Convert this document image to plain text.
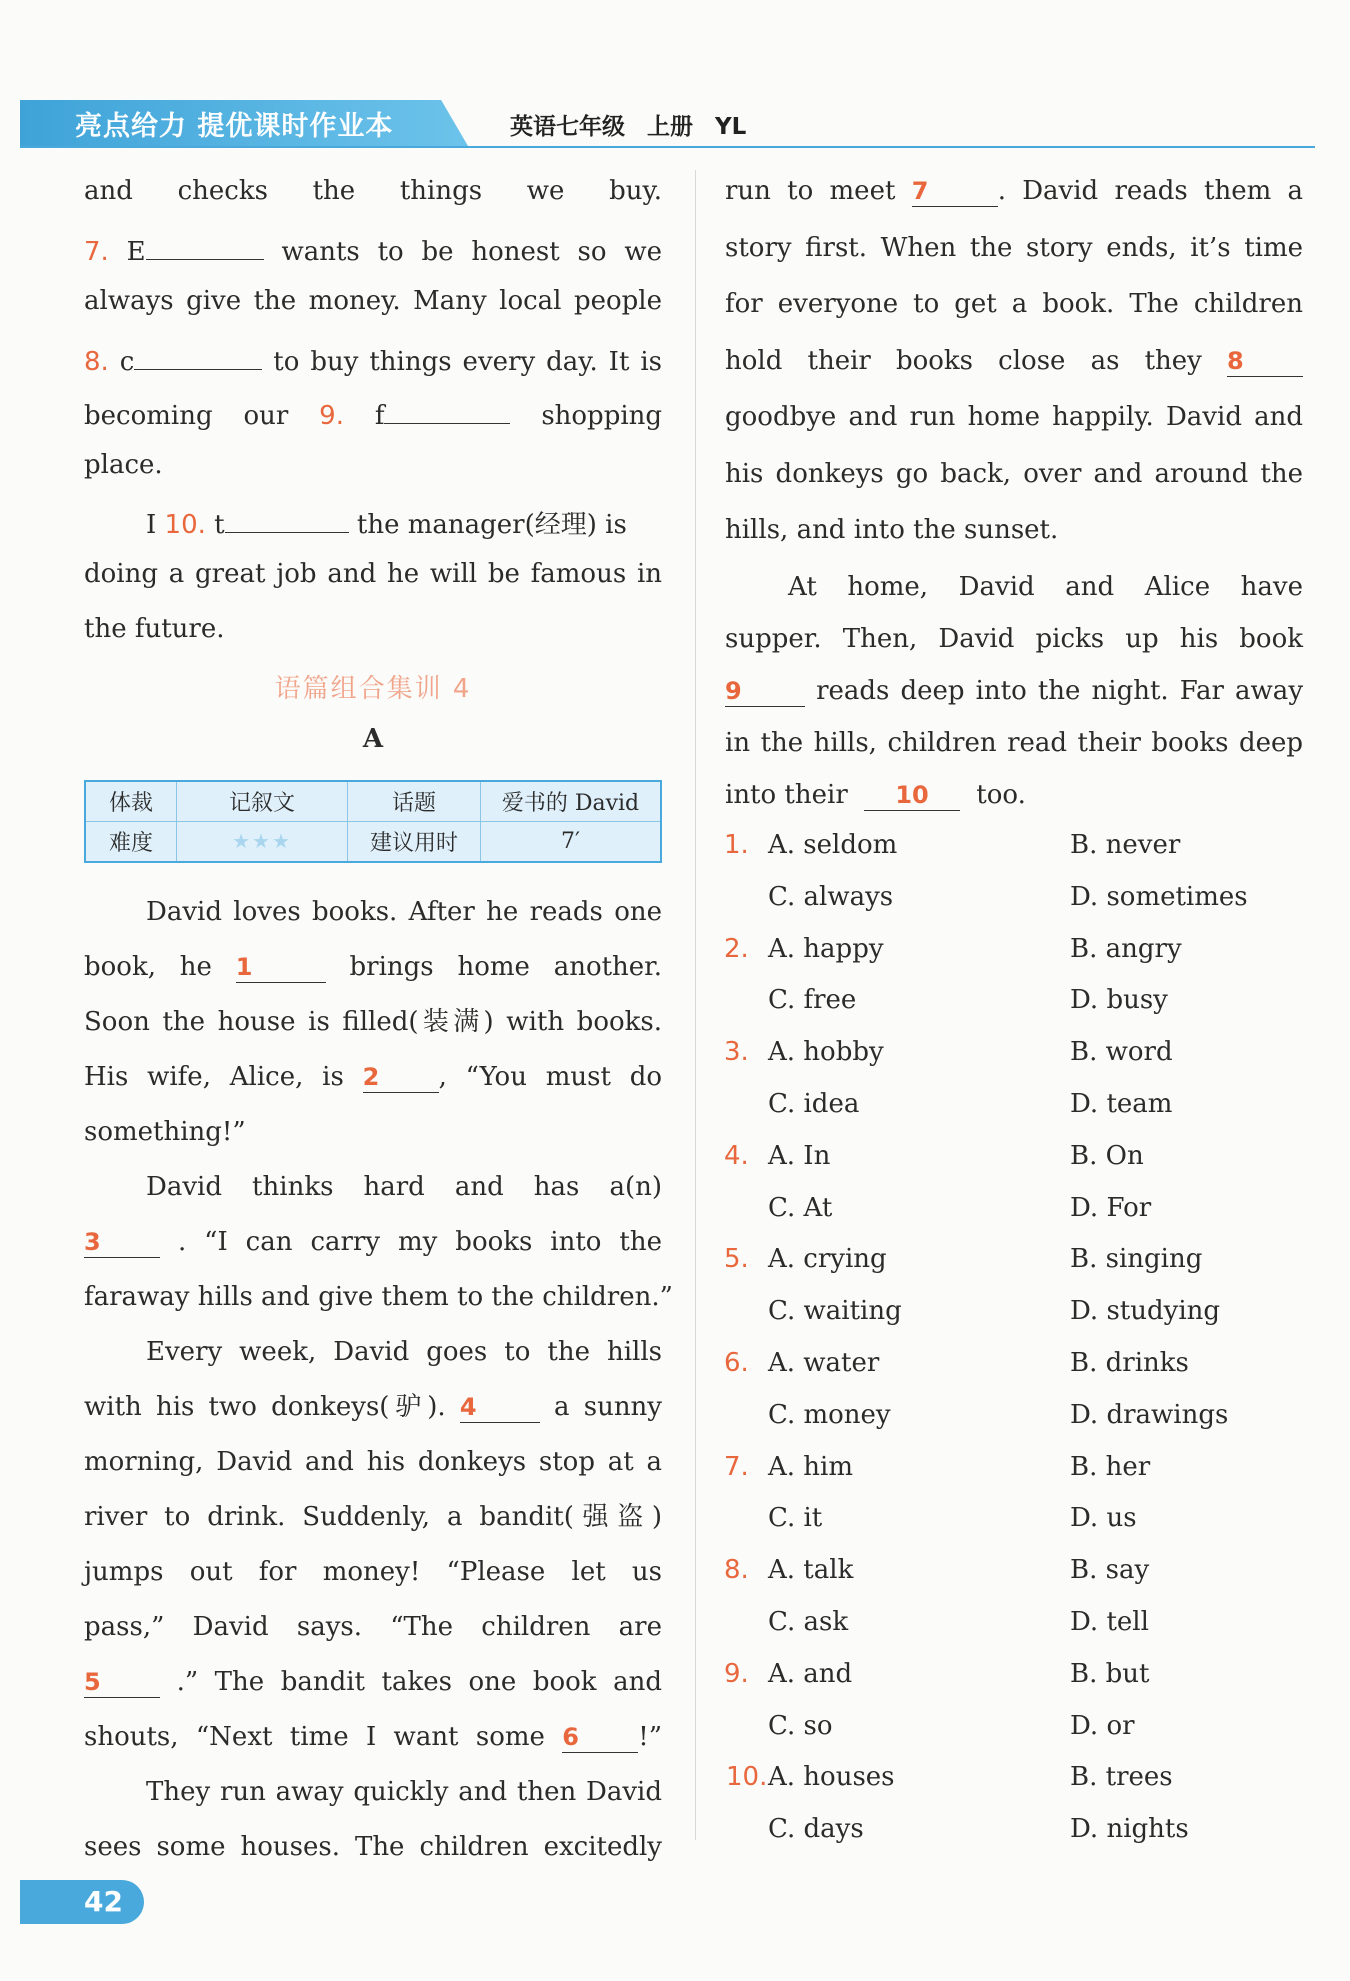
亮点给力 提优课时作业本	英语七年级 上册 YL
and checks the things we buy.
7. E	wants to be honest so we
always give the money. Many local people
8. c	to buy things every day. It is
becoming our 9. f	shopping
place.
I 10. t	the manager(经理) is
doing a great job and he will be famous in
the future.
语篇组合集训 4
A
体裁	记叙文	话题	爱书的 David
难度	★★★	建议用时	7′
David loves books. After he reads one
book, he 1	brings home another.
Soon the house is filled(装满) with books.
His wife, Alice, is 2 , “You must do
something!”
David thinks hard and has a(n)
3	. “I can carry my books into the
faraway hills and give them to the children.”
Every week, David goes to the hills
with his two donkeys(驴). 4	a sunny
morning, David and his donkeys stop at a
river to drink. Suddenly, a bandit(强盗)
jumps out for money! “Please let us
pass,” David says. “The children are
5	.” The bandit takes one book and
shouts, “Next time I want some 6 !”
They run away quickly and then David
sees some houses. The children excitedly
run to meet 7	. David reads them a
story first. When the story ends, it’s time
for everyone to get a book. The children
hold their books close as they 8
goodbye and run home happily. David and
his donkeys go back, over and around the
hills, and into the sunset.
At home, David and Alice have
supper. Then, David picks up his book
9	reads deep into the night. Far away
in the hills, children read their books deep
into their 10 too.
1. A. seldom	B. never
C. always	D. sometimes
2. A. happy	B. angry
C. free	D. busy
3. A. hobby	B. word
C. idea	D. team
4. A. In	B. On
C. At	D. For
5. A. crying	B. singing
C. waiting	D. studying
6. A. water	B. drinks
C. money	D. drawings
7. A. him	B. her
C. it	D. us
8. A. talk	B. say
C. ask	D. tell
9. A. and	B. but
C. so	D. or
10. A. houses	B. trees
C. days	D. nights
42
